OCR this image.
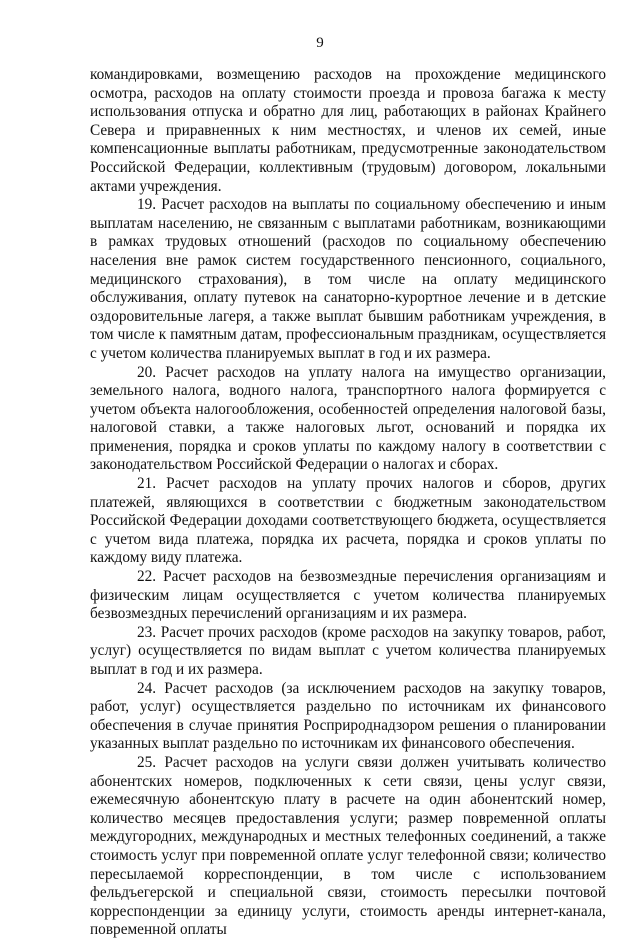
9

командировками, возмещению расходов на прохождение медицинского осмотра, расходов на оплату стоимости проезда и провоза багажа к месту использования отпуска и обратно для лиц, работающих в районах Крайнего Севера и приравненных к ним местностях, и членов их семей, иные компенсационные выплаты работникам, предусмотренные законодательством Российской Федерации, коллективным (трудовым) договором, локальными актами учреждения.

19. Расчет расходов на выплаты по социальному обеспечению и иным выплатам населению, не связанным с выплатами работникам, возникающими в рамках трудовых отношений (расходов по социальному обеспечению населения вне рамок систем государственного пенсионного, социального, медицинского страхования), в том числе на оплату медицинского обслуживания, оплату путевок на санаторно-курортное лечение и в детские оздоровительные лагеря, а также выплат бывшим работникам учреждения, в том числе к памятным датам, профессиональным праздникам, осуществляется с учетом количества планируемых выплат в год и их размера.

20. Расчет расходов на уплату налога на имущество организации, земельного налога, водного налога, транспортного налога формируется с учетом объекта налогообложения, особенностей определения налоговой базы, налоговой ставки, а также налоговых льгот, оснований и порядка их применения, порядка и сроков уплаты по каждому налогу в соответствии с законодательством Российской Федерации о налогах и сборах.

21. Расчет расходов на уплату прочих налогов и сборов, других платежей, являющихся в соответствии с бюджетным законодательством Российской Федерации доходами соответствующего бюджета, осуществляется с учетом вида платежа, порядка их расчета, порядка и сроков уплаты по каждому виду платежа.

22. Расчет расходов на безвозмездные перечисления организациям и физическим лицам осуществляется с учетом количества планируемых безвозмездных перечислений организациям и их размера.

23. Расчет прочих расходов (кроме расходов на закупку товаров, работ, услуг) осуществляется по видам выплат с учетом количества планируемых выплат в год и их размера.

24. Расчет расходов (за исключением расходов на закупку товаров, работ, услуг) осуществляется раздельно по источникам их финансового обеспечения в случае принятия Росприроднадзором решения о планировании указанных выплат раздельно по источникам их финансового обеспечения.

25. Расчет расходов на услуги связи должен учитывать количество абонентских номеров, подключенных к сети связи, цены услуг связи, ежемесячную абонентскую плату в расчете на один абонентский номер, количество месяцев предоставления услуги; размер повременной оплаты междугородних, международных и местных телефонных соединений, а также стоимость услуг при повременной оплате услуг телефонной связи; количество пересылаемой корреспонденции, в том числе с использованием фельдъегерской и специальной связи, стоимость пересылки почтовой корреспонденции за единицу услуги, стоимость аренды интернет-канала, повременной оплаты
